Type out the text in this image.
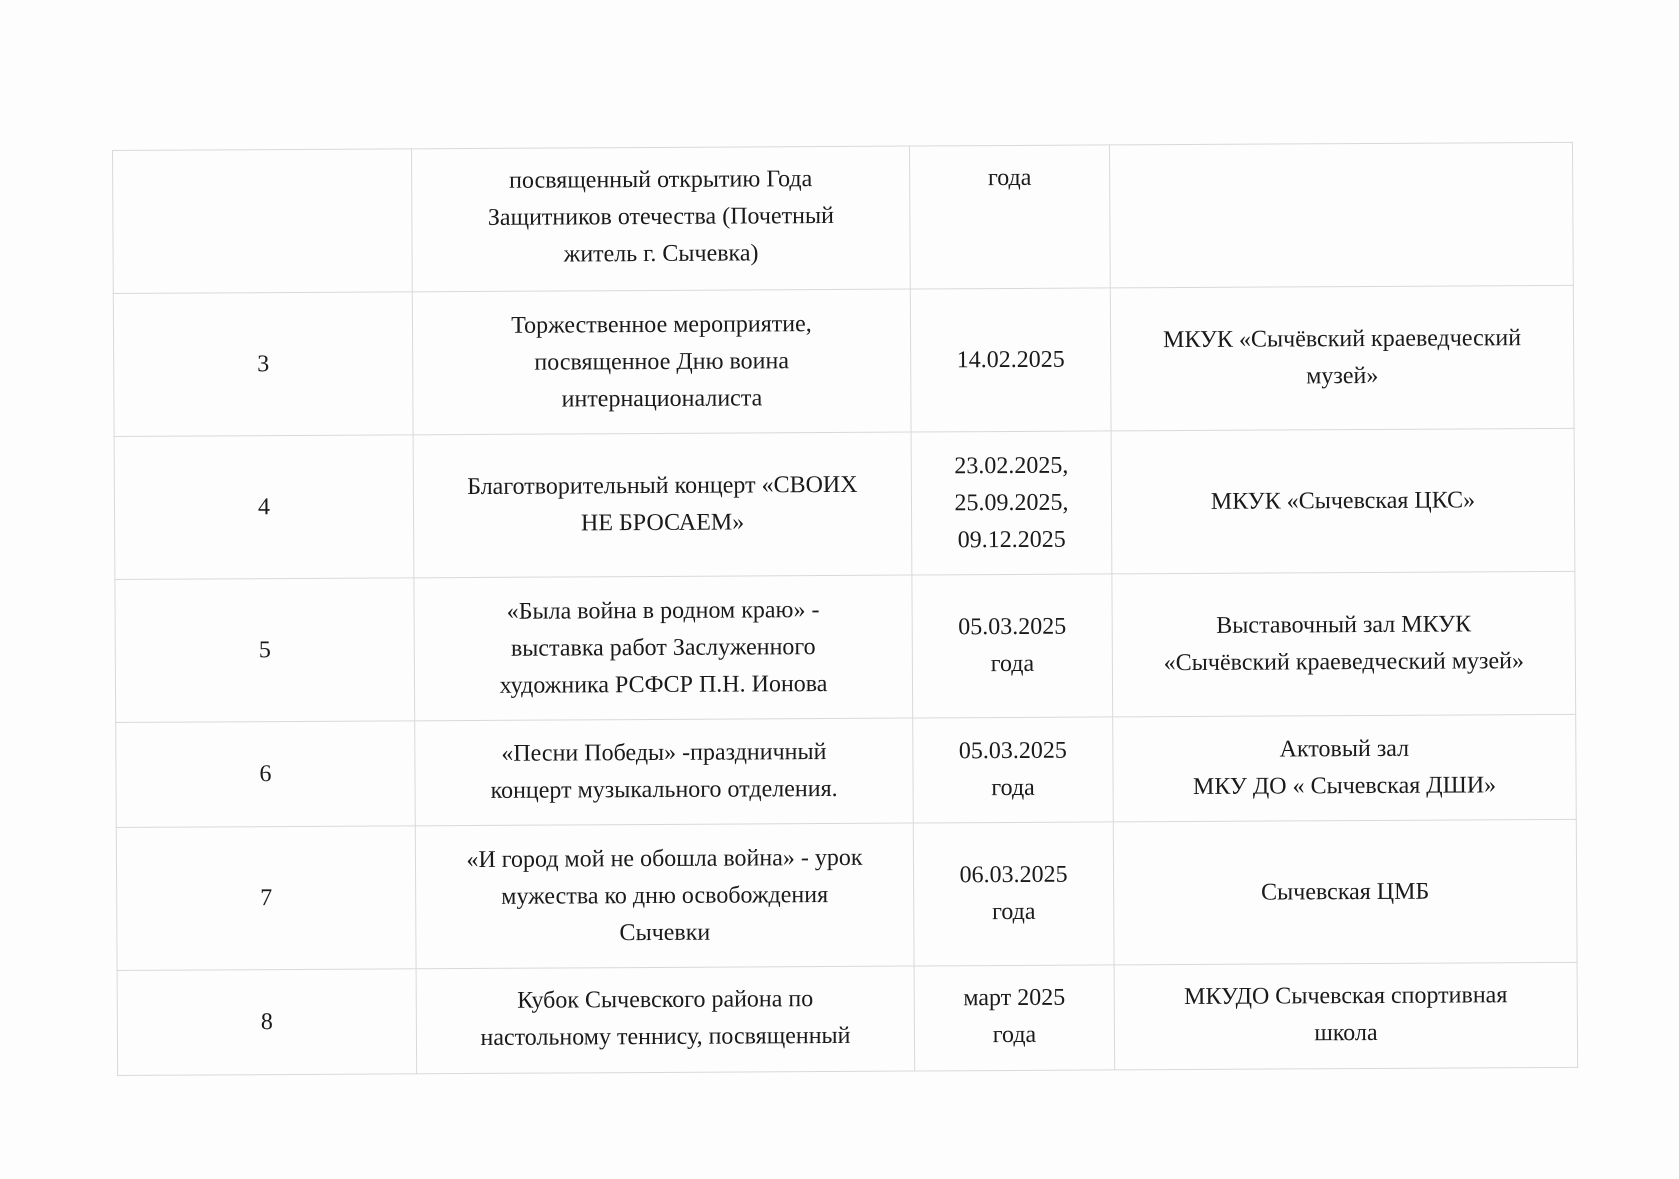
	посвященный открытию Года
Защитников отечества (Почетный
житель г. Сычевка)	года	

3	Торжественное мероприятие,
посвященное Дню воина
интернационалиста	14.02.2025	МКУК «Сычёвский краеведческий
музей»

4	Благотворительный концерт «СВОИХ
НЕ БРОСАЕМ»	23.02.2025,
25.09.2025,
09.12.2025	МКУК «Сычевская ЦКС»

5	«Была война в родном краю» -
выставка работ Заслуженного
художника РСФСР П.Н. Ионова	05.03.2025
года	Выставочный зал МКУК
«Сычёвский краеведческий музей»

6	«Песни Победы» -праздничный
концерт музыкального отделения.	05.03.2025
года	Актовый зал
МКУ ДО « Сычевская ДШИ»

7	«И город мой не обошла война» - урок
мужества ко дню освобождения
Сычевки	06.03.2025
года	Сычевская ЦМБ

8	Кубок Сычевского района по
настольному теннису, посвященный	март 2025
года	МКУДО Сычевская спортивная
школа
